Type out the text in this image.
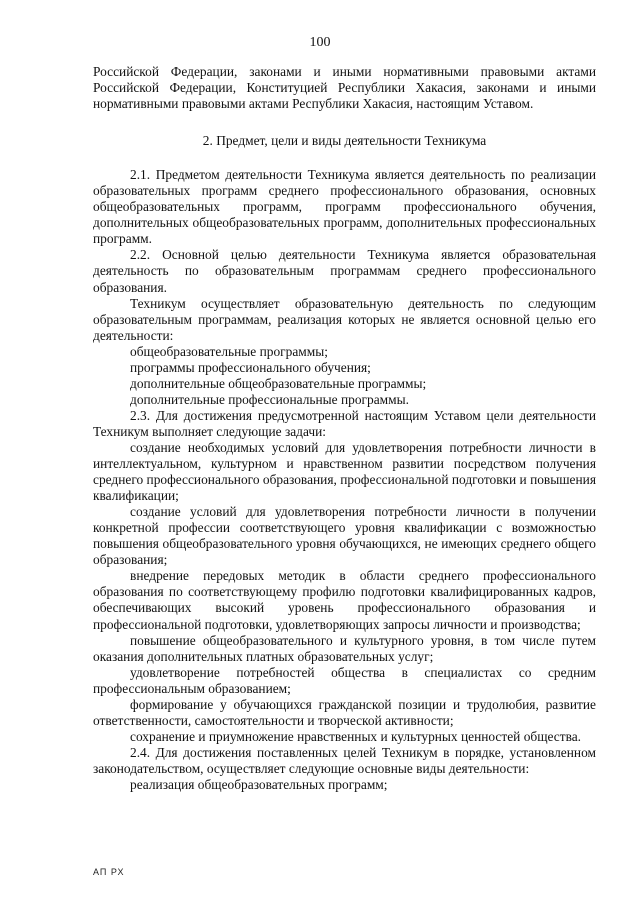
100

Российской Федерации, законами и иными нормативными правовыми актами Российской Федерации, Конституцией Республики Хакасия, законами и иными нормативными правовыми актами Республики Хакасия, настоящим Уставом.

2. Предмет, цели и виды деятельности Техникума

2.1. Предметом деятельности Техникума является деятельность по реализации образовательных программ среднего профессионального образования, основных общеобразовательных программ, программ профессионального обучения, дополнительных общеобразовательных программ, дополнительных профессиональных программ.

2.2. Основной целью деятельности Техникума является образовательная деятельность по образовательным программам среднего профессионального образования.

Техникум осуществляет образовательную деятельность по следующим образовательным программам, реализация которых не является основной целью его деятельности:

общеобразовательные программы;

программы профессионального обучения;

дополнительные общеобразовательные программы;

дополнительные профессиональные программы.

2.3. Для достижения предусмотренной настоящим Уставом цели деятельности Техникум выполняет следующие задачи:

создание необходимых условий для удовлетворения потребности личности в интеллектуальном, культурном и нравственном развитии посредством получения среднего профессионального образования, профессиональной подготовки и повышения квалификации;

создание условий для удовлетворения потребности личности в получении конкретной профессии соответствующего уровня квалификации с возможностью повышения общеобразовательного уровня обучающихся, не имеющих среднего общего образования;

внедрение передовых методик в области среднего профессионального образования по соответствующему профилю подготовки квалифицированных кадров, обеспечивающих высокий уровень профессионального образования и профессиональной подготовки, удовлетворяющих запросы личности и производства;

повышение общеобразовательного и культурного уровня, в том числе путем оказания дополнительных платных образовательных услуг;

удовлетворение потребностей общества в специалистах со средним профессиональным образованием;

формирование у обучающихся гражданской позиции и трудолюбия, развитие ответственности, самостоятельности и творческой активности;

сохранение и приумножение нравственных и культурных ценностей общества.

2.4. Для достижения поставленных целей Техникум в порядке, установленном законодательством, осуществляет следующие основные виды деятельности:

реализация общеобразовательных программ;

АП РХ
